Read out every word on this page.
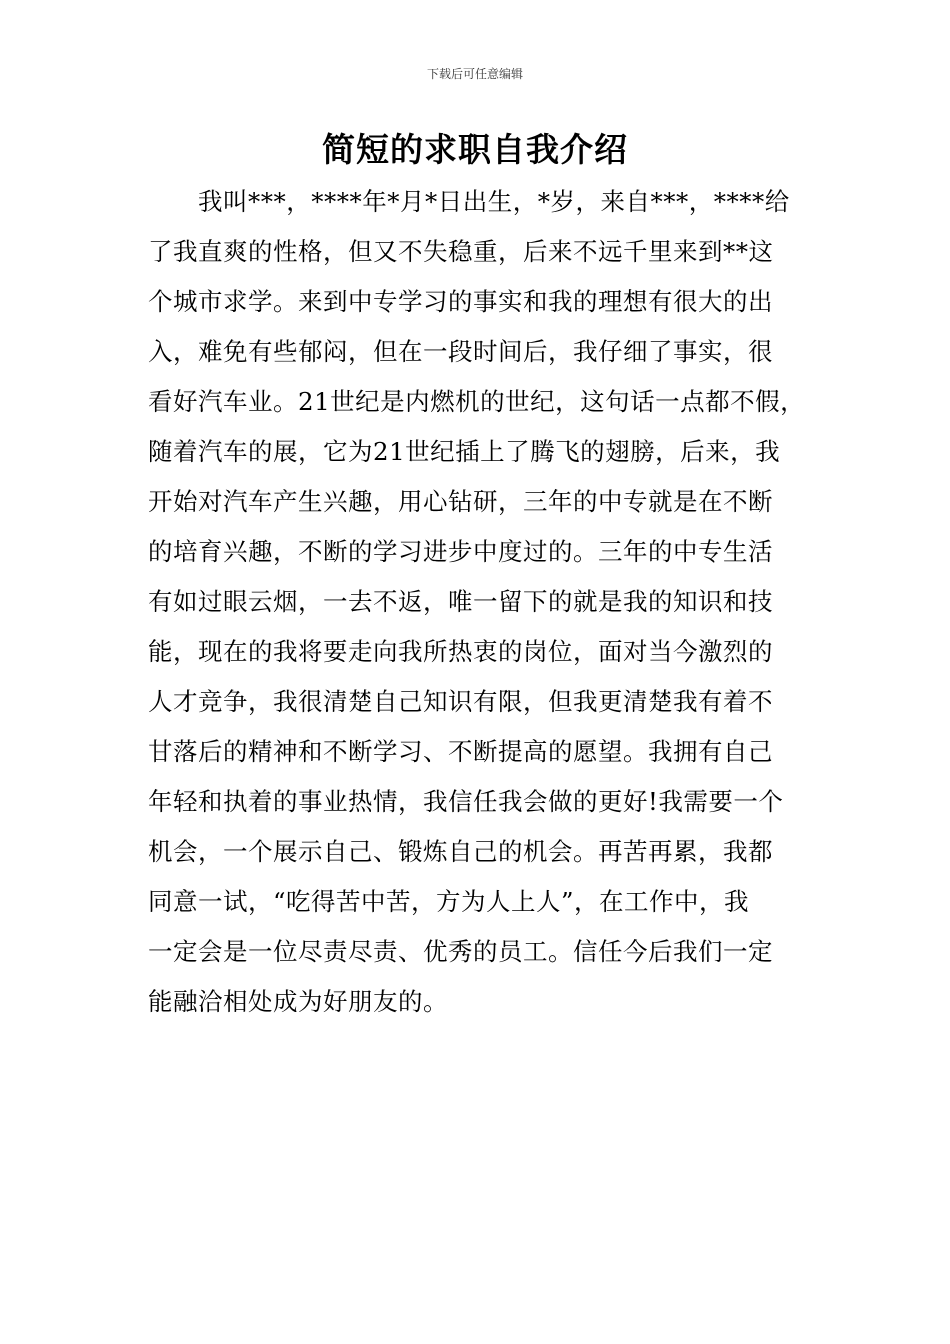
下载后可任意编辑
简短的求职自我介绍
我叫***，****年*月*日出生，*岁，来自***，****给
了我直爽的性格，但又不失稳重，后来不远千里来到**这
个城市求学。来到中专学习的事实和我的理想有很大的出
入，难免有些郁闷，但在一段时间后，我仔细了事实，很
看好汽车业。21世纪是内燃机的世纪，这句话一点都不假，
随着汽车的展，它为21世纪插上了腾飞的翅膀，后来，我
开始对汽车产生兴趣，用心钻研，三年的中专就是在不断
的培育兴趣，不断的学习进步中度过的。三年的中专生活
有如过眼云烟，一去不返，唯一留下的就是我的知识和技
能，现在的我将要走向我所热衷的岗位，面对当今激烈的
人才竞争，我很清楚自己知识有限，但我更清楚我有着不
甘落后的精神和不断学习、不断提高的愿望。我拥有自己
年轻和执着的事业热情，我信任我会做的更好!我需要一个
机会，一个展示自己、锻炼自己的机会。再苦再累，我都
同意一试，“吃得苦中苦，方为人上人”，在工作中，我
一定会是一位尽责尽责、优秀的员工。信任今后我们一定
能融洽相处成为好朋友的。
